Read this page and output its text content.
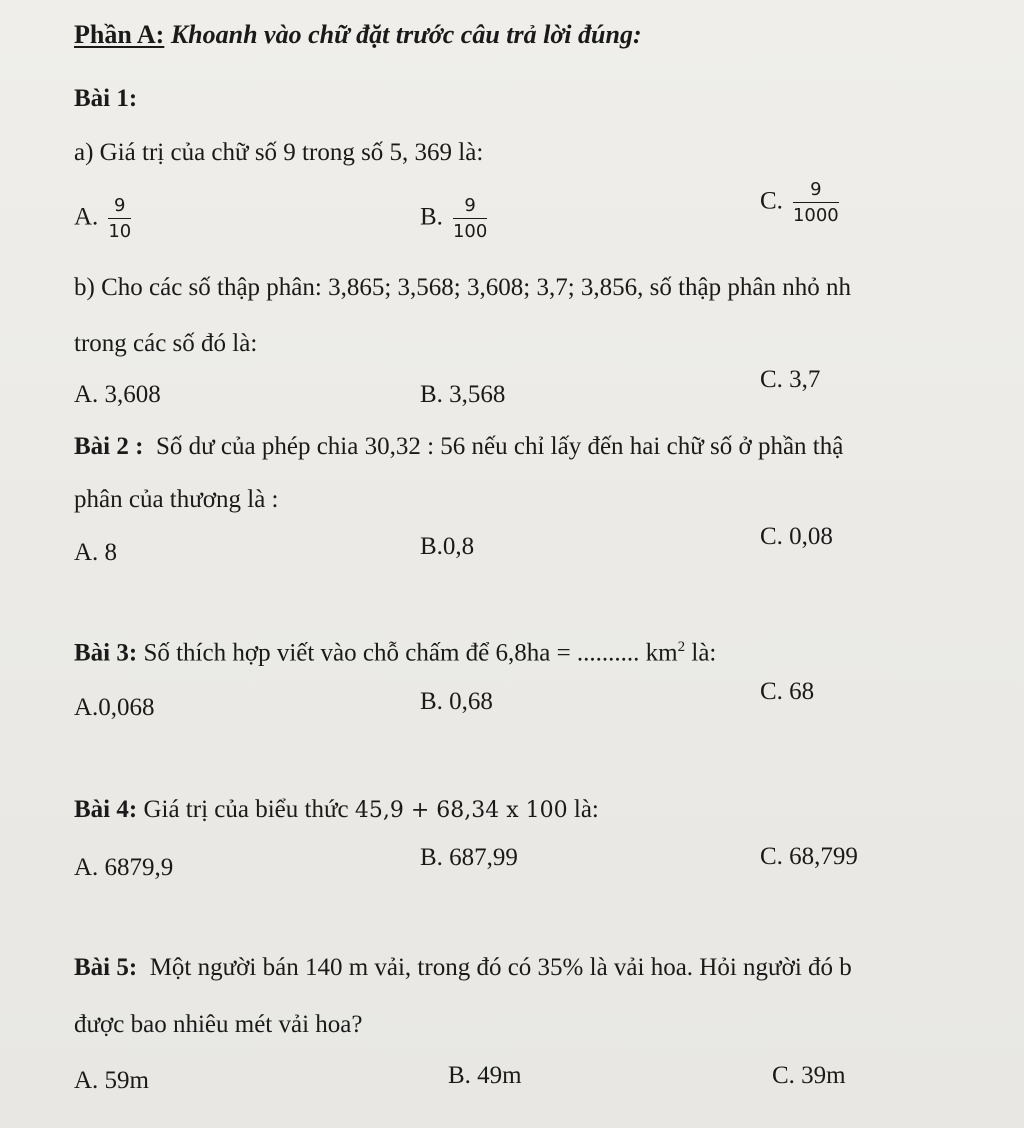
Phần A: Khoanh vào chữ đặt trước câu trả lời đúng:
Bài 1:
a) Giá trị của chữ số 9 trong số 5, 369 là:
A. $\frac{9}{10}$	B. $\frac{9}{100}$	C. $\frac{9}{1000}$
b) Cho các số thập phân: 3,865; 3,568; 3,608; 3,7; 3,856, số thập phân nhỏ nh
trong các số đó là:
A. 3,608	B. 3,568
C. 3,7
Bài 2 : Số dư của phép chia 30,32 : 56 nếu chỉ lấy đến hai chữ số ở phần thậ
phân của thương là :
A. 8	B.0,8	C. 0,08
Bài 3: Số thích hợp viết vào chỗ chấm để 6,8ha = .......... $km^2$ là:
A.0,068	B. 0,68	C. 68
Bài 4: Giá trị của biểu thức 45,9 + 68,34 x 100 là:
A. 6879,9	B. 687,99	C. 68,799
Bài 5: Một người bán 140 m vải, trong đó có 35% là vải hoa. Hỏi người đó b
được bao nhiêu mét vải hoa?
A. 59m	B. 49m	C. 39m
